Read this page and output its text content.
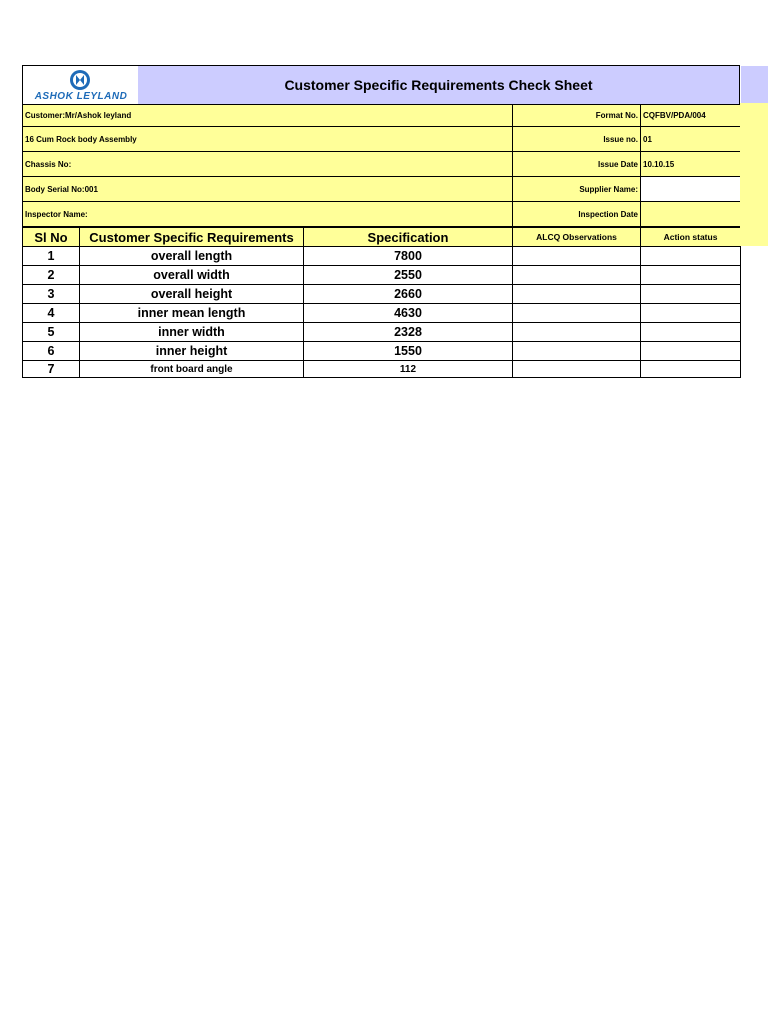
ASHOK LEYLAND
Customer Specific Requirements Check Sheet
Customer:Mr/Ashok leyland	Format No.	CQFBV/PDA/004
16 Cum Rock body Assembly	Issue no.	01
Chassis No:	Issue Date	10.10.15
Body Serial No:001	Supplier Name:	
Inspector Name:	Inspection Date	
Sl No	Customer Specific Requirements	Specification	ALCQ Observations	Action status
1	overall length	7800		
2	overall width	2550		
3	overall height	2660		
4	inner mean length	4630		
5	inner width	2328		
6	inner height	1550		
7	front board angle	112		
